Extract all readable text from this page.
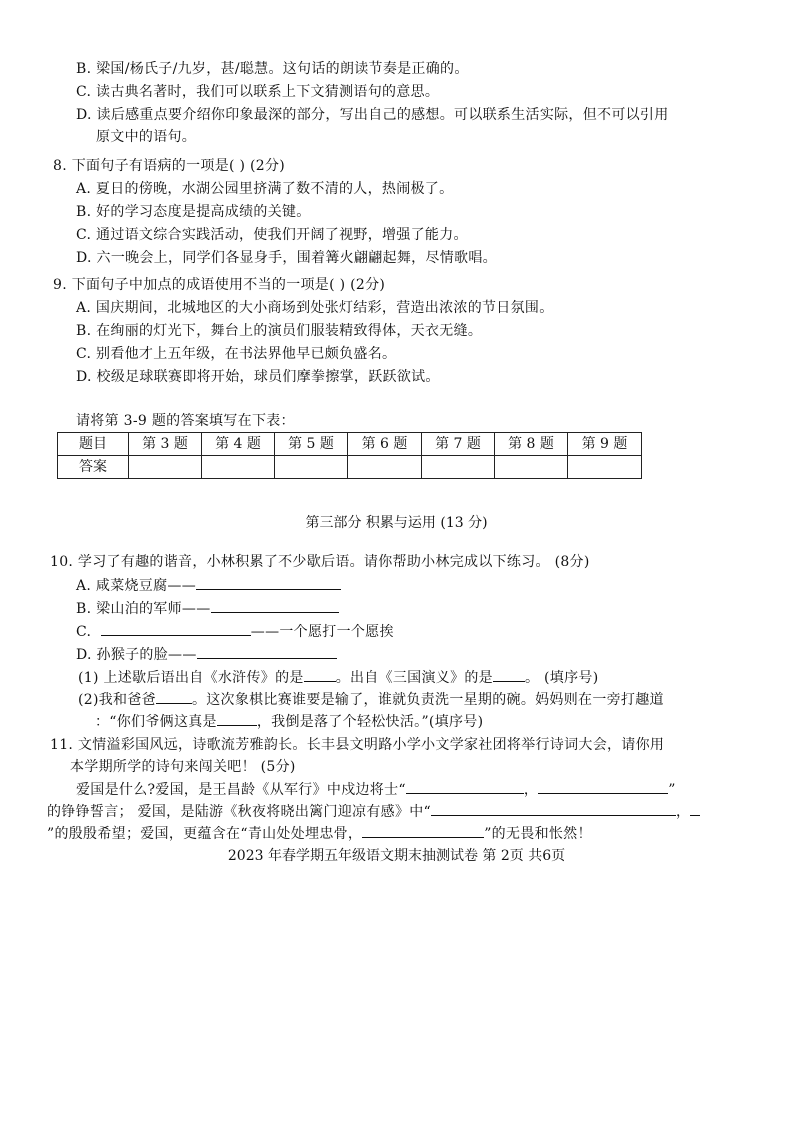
B. 梁国/杨氏子/九岁，甚/聪慧。这句话的朗读节奏是正确的。
C. 读古典名著时，我们可以联系上下文猜测语句的意思。
D. 读后感重点要介绍你印象最深的部分，写出自己的感想。可以联系生活实际，但不可以引用
原文中的语句。
8. 下面句子有语病的一项是( ) (2分)
A. 夏日的傍晚，水湖公园里挤满了数不清的人，热闹极了。
B. 好的学习态度是提高成绩的关键。
C. 通过语文综合实践活动，使我们开阔了视野，增强了能力。
D. 六一晚会上，同学们各显身手，围着篝火翩翩起舞，尽情歌唱。
9. 下面句子中加点的成语使用不当的一项是( ) (2分)
A. 国庆期间，北城地区的大小商场到处张灯结彩，营造出浓浓的节日氛围。
B. 在绚丽的灯光下，舞台上的演员们服装精致得体，天衣无缝。
C. 别看他才上五年级，在书法界他早已颇负盛名。
D. 校级足球联赛即将开始，球员们摩拳擦掌，跃跃欲试。
请将第 3-9 题的答案填写在下表：
题目	第 3 题	第 4 题	第 5 题	第 6 题	第 7 题	第 8 题	第 9 题
答案							
第三部分 积累与运用 (13 分)
10. 学习了有趣的谐音，小林积累了不少歇后语。请你帮助小林完成以下练习。 (8分)
A. 咸菜烧豆腐——
B. 梁山泊的军师——
C.	——一个愿打一个愿挨
D. 孙猴子的脸——
(1) 上述歇后语出自《水浒传》的是 。出自《三国演义》的是 。 (填序号)
(2)我和爸爸	。这次象棋比赛谁要是输了，谁就负责洗一星期的碗。妈妈则在一旁打趣道
：“你们爷俩这真是	，我倒是落了个轻松快活。”(填序号)
11. 文情溢彩国风远，诗歌流芳雅韵长。长丰县文明路小学小文学家社团将举行诗词大会，请你用
本学期所学的诗句来闯关吧！ (5分)
爱国是什么?爱国，是王昌龄《从军行》中戍边将士“	，	”
的铮铮誓言； 爱国，是陆游《秋夜将晓出篱门迎凉有感》中“	，
”的殷殷希望；爱国，更蕴含在“青山处处埋忠骨，	”的无畏和怅然！
2023 年春学期五年级语文期末抽测试卷 第 2页 共6页
